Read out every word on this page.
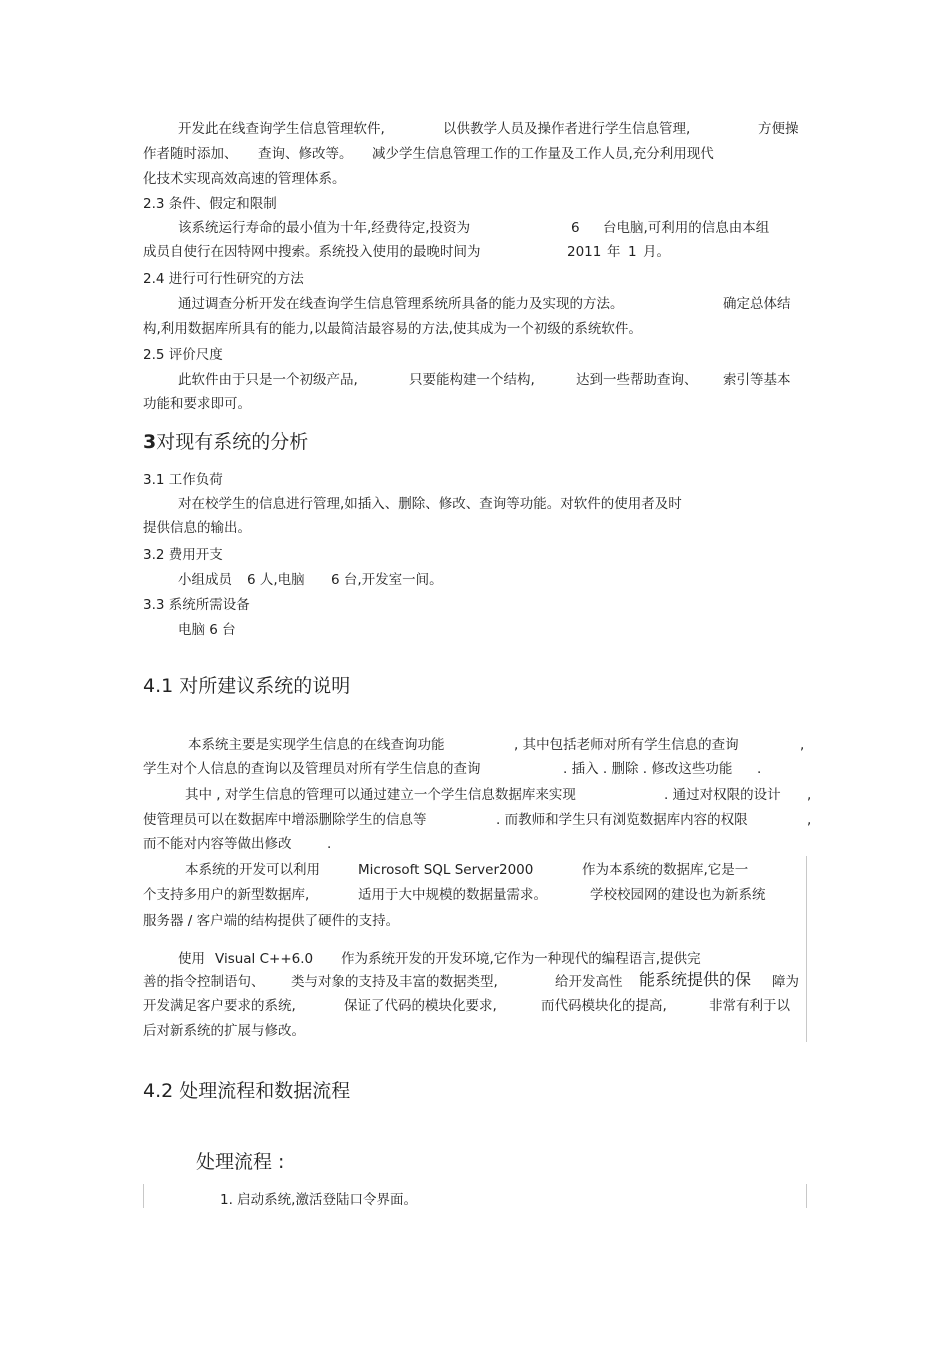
开发此在线查询学生信息管理软件,	以供教学人员及操作者进行学生信息管理,	方便操
作者随时添加、 查询、修改等。 减少学生信息管理工作的工作量及工作人员,充分利用现代
化技术实现高效高速的管理体系。
2.3 条件、假定和限制
该系统运行寿命的最小值为十年,经费待定,投资为	6 台电脑,可利用的信息由本组
成员自使行在因特网中搜索。系统投入使用的最晚时间为	2011 年 1 月。
2.4 进行可行性研究的方法
通过调查分析开发在线查询学生信息管理系统所具备的能力及实现的方法。	确定总体结
构,利用数据库所具有的能力,以最简洁最容易的方法,使其成为一个初级的系统软件。
2.5 评价尺度
此软件由于只是一个初级产品,	只要能构建一个结构,	达到一些帮助查询、 索引等基本
功能和要求即可。
3对现有系统的分析
3.1 工作负荷
对在校学生的信息进行管理,如插入、删除、修改、查询等功能。对软件的使用者及时
提供信息的输出。
3.2 费用开支
小组成员 6 人,电脑 6 台,开发室一间。
3.3 系统所需设备
电脑 6 台
4.1 对所建议系统的说明
本系统主要是实现学生信息的在线查询功能	, 其中包括老师对所有学生信息的查询	,
学生对个人信息的查询以及管理员对所有学生信息的查询	. 插入 . 删除 . 修改这些功能 .
其中 , 对学生信息的管理可以通过建立一个学生信息数据库来实现	. 通过对权限的设计 ,
使管理员可以在数据库中增添删除学生的信息等	. 而教师和学生只有浏览数据库内容的权限	,
而不能对内容等做出修改	.
本系统的开发可以利用	Microsoft SQL Server2000	作为本系统的数据库,它是一
个支持多用户的新型数据库,	适用于大中规模的数据量需求。	学校校园网的建设也为新系统
服务器 / 客户端的结构提供了硬件的支持。
使用 Visual C++6.0 作为系统开发的开发环境,它作为一种现代的编程语言,提供完
善的指令控制语句、 类与对象的支持及丰富的数据类型,	给开发高性 能系统提供的保 障为
开发满足客户要求的系统,	保证了代码的模块化要求,	而代码模块化的提高,	非常有利于以
后对新系统的扩展与修改。
4.2 处理流程和数据流程
处理流程 :
1. 启动系统,激活登陆口令界面。
